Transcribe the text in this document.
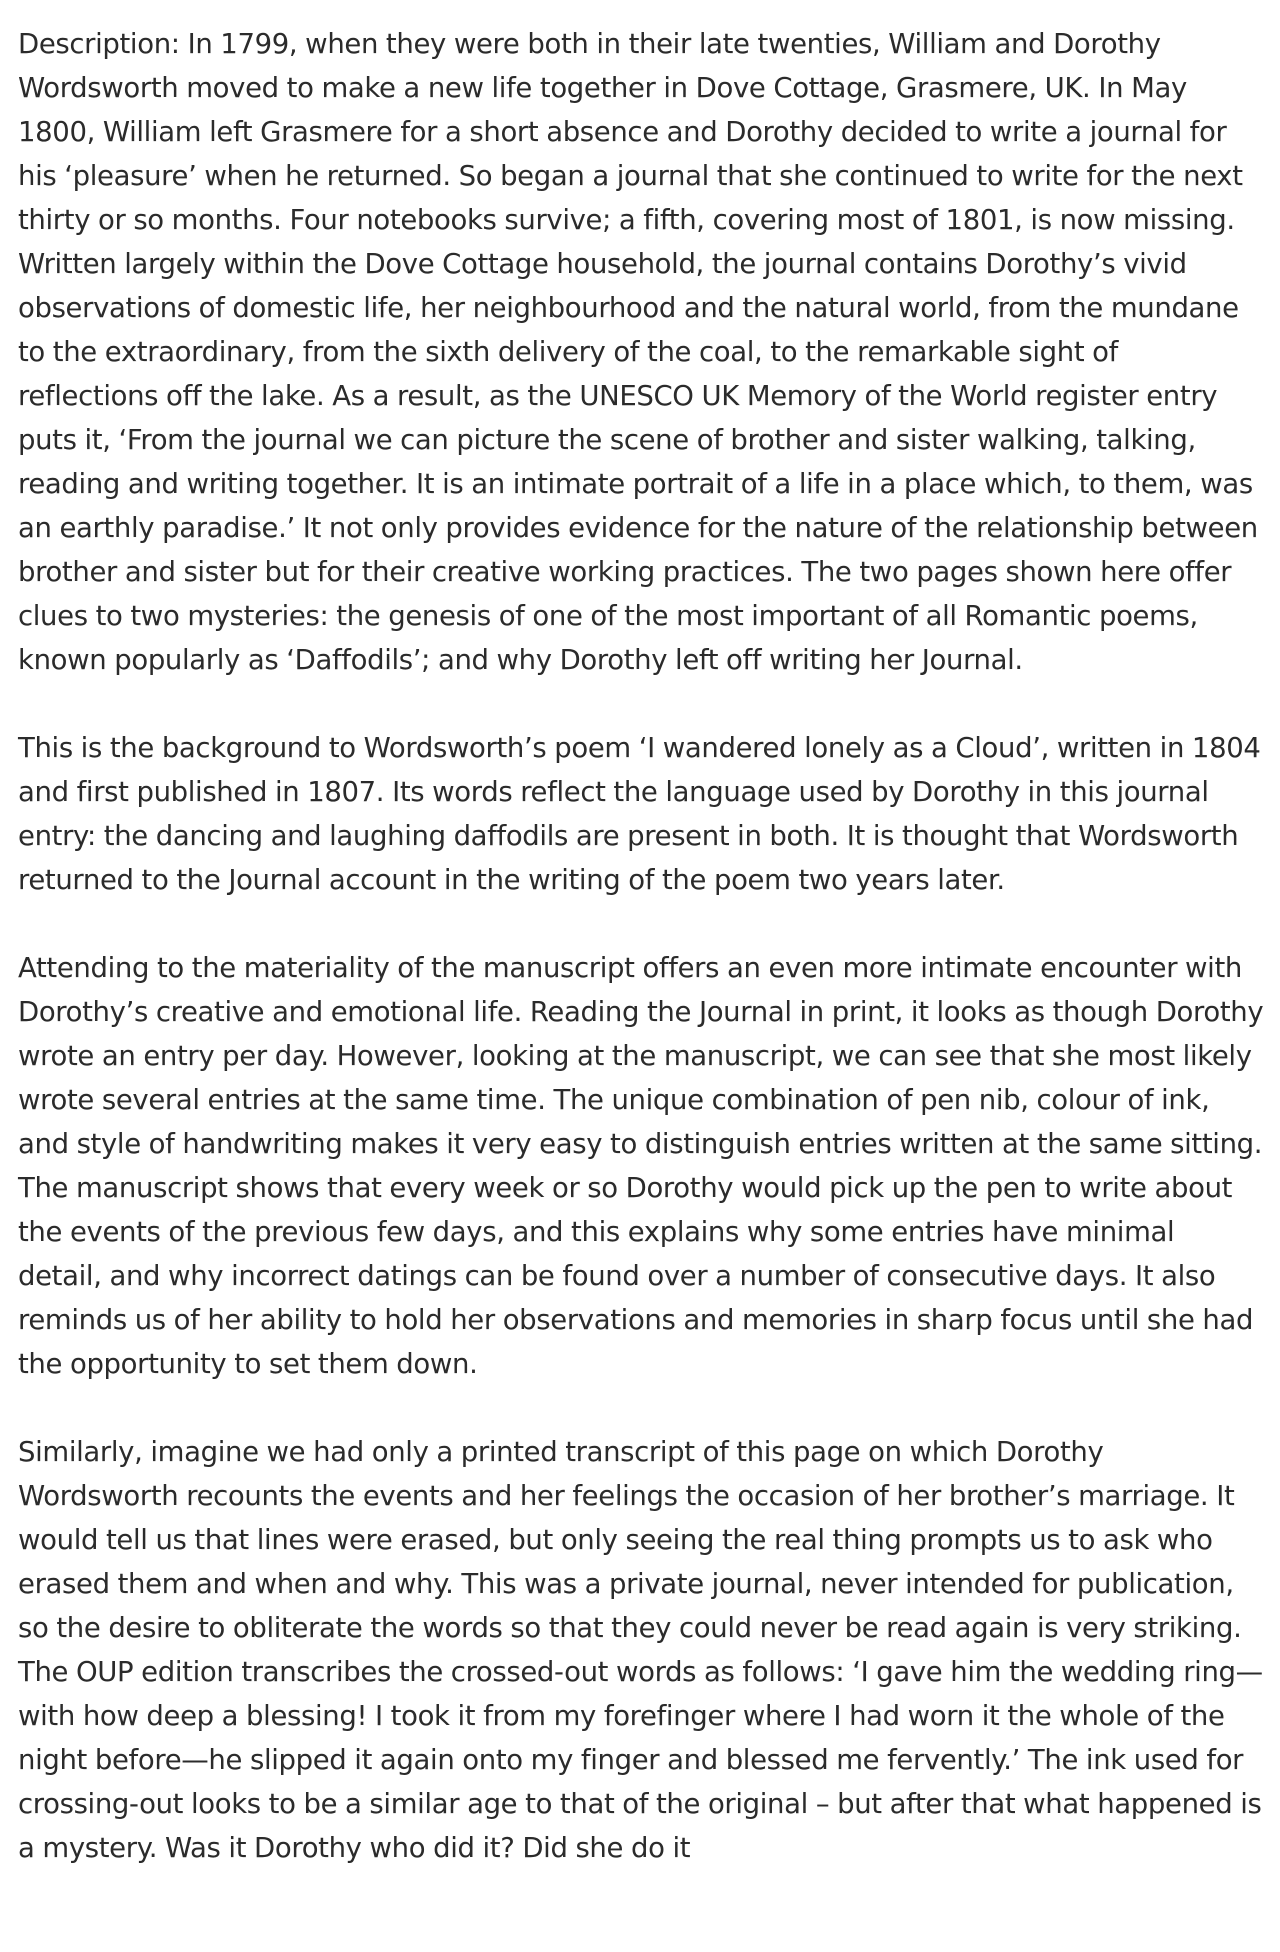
Description: In 1799, when they were both in their late twenties, William and Dorothy Wordsworth moved to make a new life together in Dove Cottage, Grasmere, UK. In May 1800, William left Grasmere for a short absence and Dorothy decided to write a journal for his ‘pleasure’ when he returned. So began a journal that she continued to write for the next thirty or so months. Four notebooks survive; a fifth, covering most of 1801, is now missing. Written largely within the Dove Cottage household, the journal contains Dorothy’s vivid observations of domestic life, her neighbourhood and the natural world, from the mundane to the extraordinary, from the sixth delivery of the coal, to the remarkable sight of reflections off the lake. As a result, as the UNESCO UK Memory of the World register entry puts it, ‘From the journal we can picture the scene of brother and sister walking, talking, reading and writing together. It is an intimate portrait of a life in a place which, to them, was an earthly paradise.’ It not only provides evidence for the nature of the relationship between brother and sister but for their creative working practices. The two pages shown here offer clues to two mysteries: the genesis of one of the most important of all Romantic poems, known popularly as ‘Daffodils’; and why Dorothy left off writing her Journal.

This is the background to Wordsworth’s poem ‘I wandered lonely as a Cloud’, written in 1804 and first published in 1807. Its words reflect the language used by Dorothy in this journal entry: the dancing and laughing daffodils are present in both. It is thought that Wordsworth returned to the Journal account in the writing of the poem two years later.

Attending to the materiality of the manuscript offers an even more intimate encounter with Dorothy’s creative and emotional life. Reading the Journal in print, it looks as though Dorothy wrote an entry per day. However, looking at the manuscript, we can see that she most likely wrote several entries at the same time. The unique combination of pen nib, colour of ink, and style of handwriting makes it very easy to distinguish entries written at the same sitting. The manuscript shows that every week or so Dorothy would pick up the pen to write about the events of the previous few days, and this explains why some entries have minimal detail, and why incorrect datings can be found over a number of consecutive days. It also reminds us of her ability to hold her observations and memories in sharp focus until she had the opportunity to set them down.

Similarly, imagine we had only a printed transcript of this page on which Dorothy Wordsworth recounts the events and her feelings the occasion of her brother’s marriage. It would tell us that lines were erased, but only seeing the real thing prompts us to ask who erased them and when and why. This was a private journal, never intended for publication, so the desire to obliterate the words so that they could never be read again is very striking. The OUP edition transcribes the crossed-out words as follows: ‘I gave him the wedding ring—with how deep a blessing! I took it from my forefinger where I had worn it the whole of the night before—he slipped it again onto my finger and blessed me fervently.’ The ink used for crossing-out looks to be a similar age to that of the original – but after that what happened is a mystery. Was it Dorothy who did it? Did she do it
